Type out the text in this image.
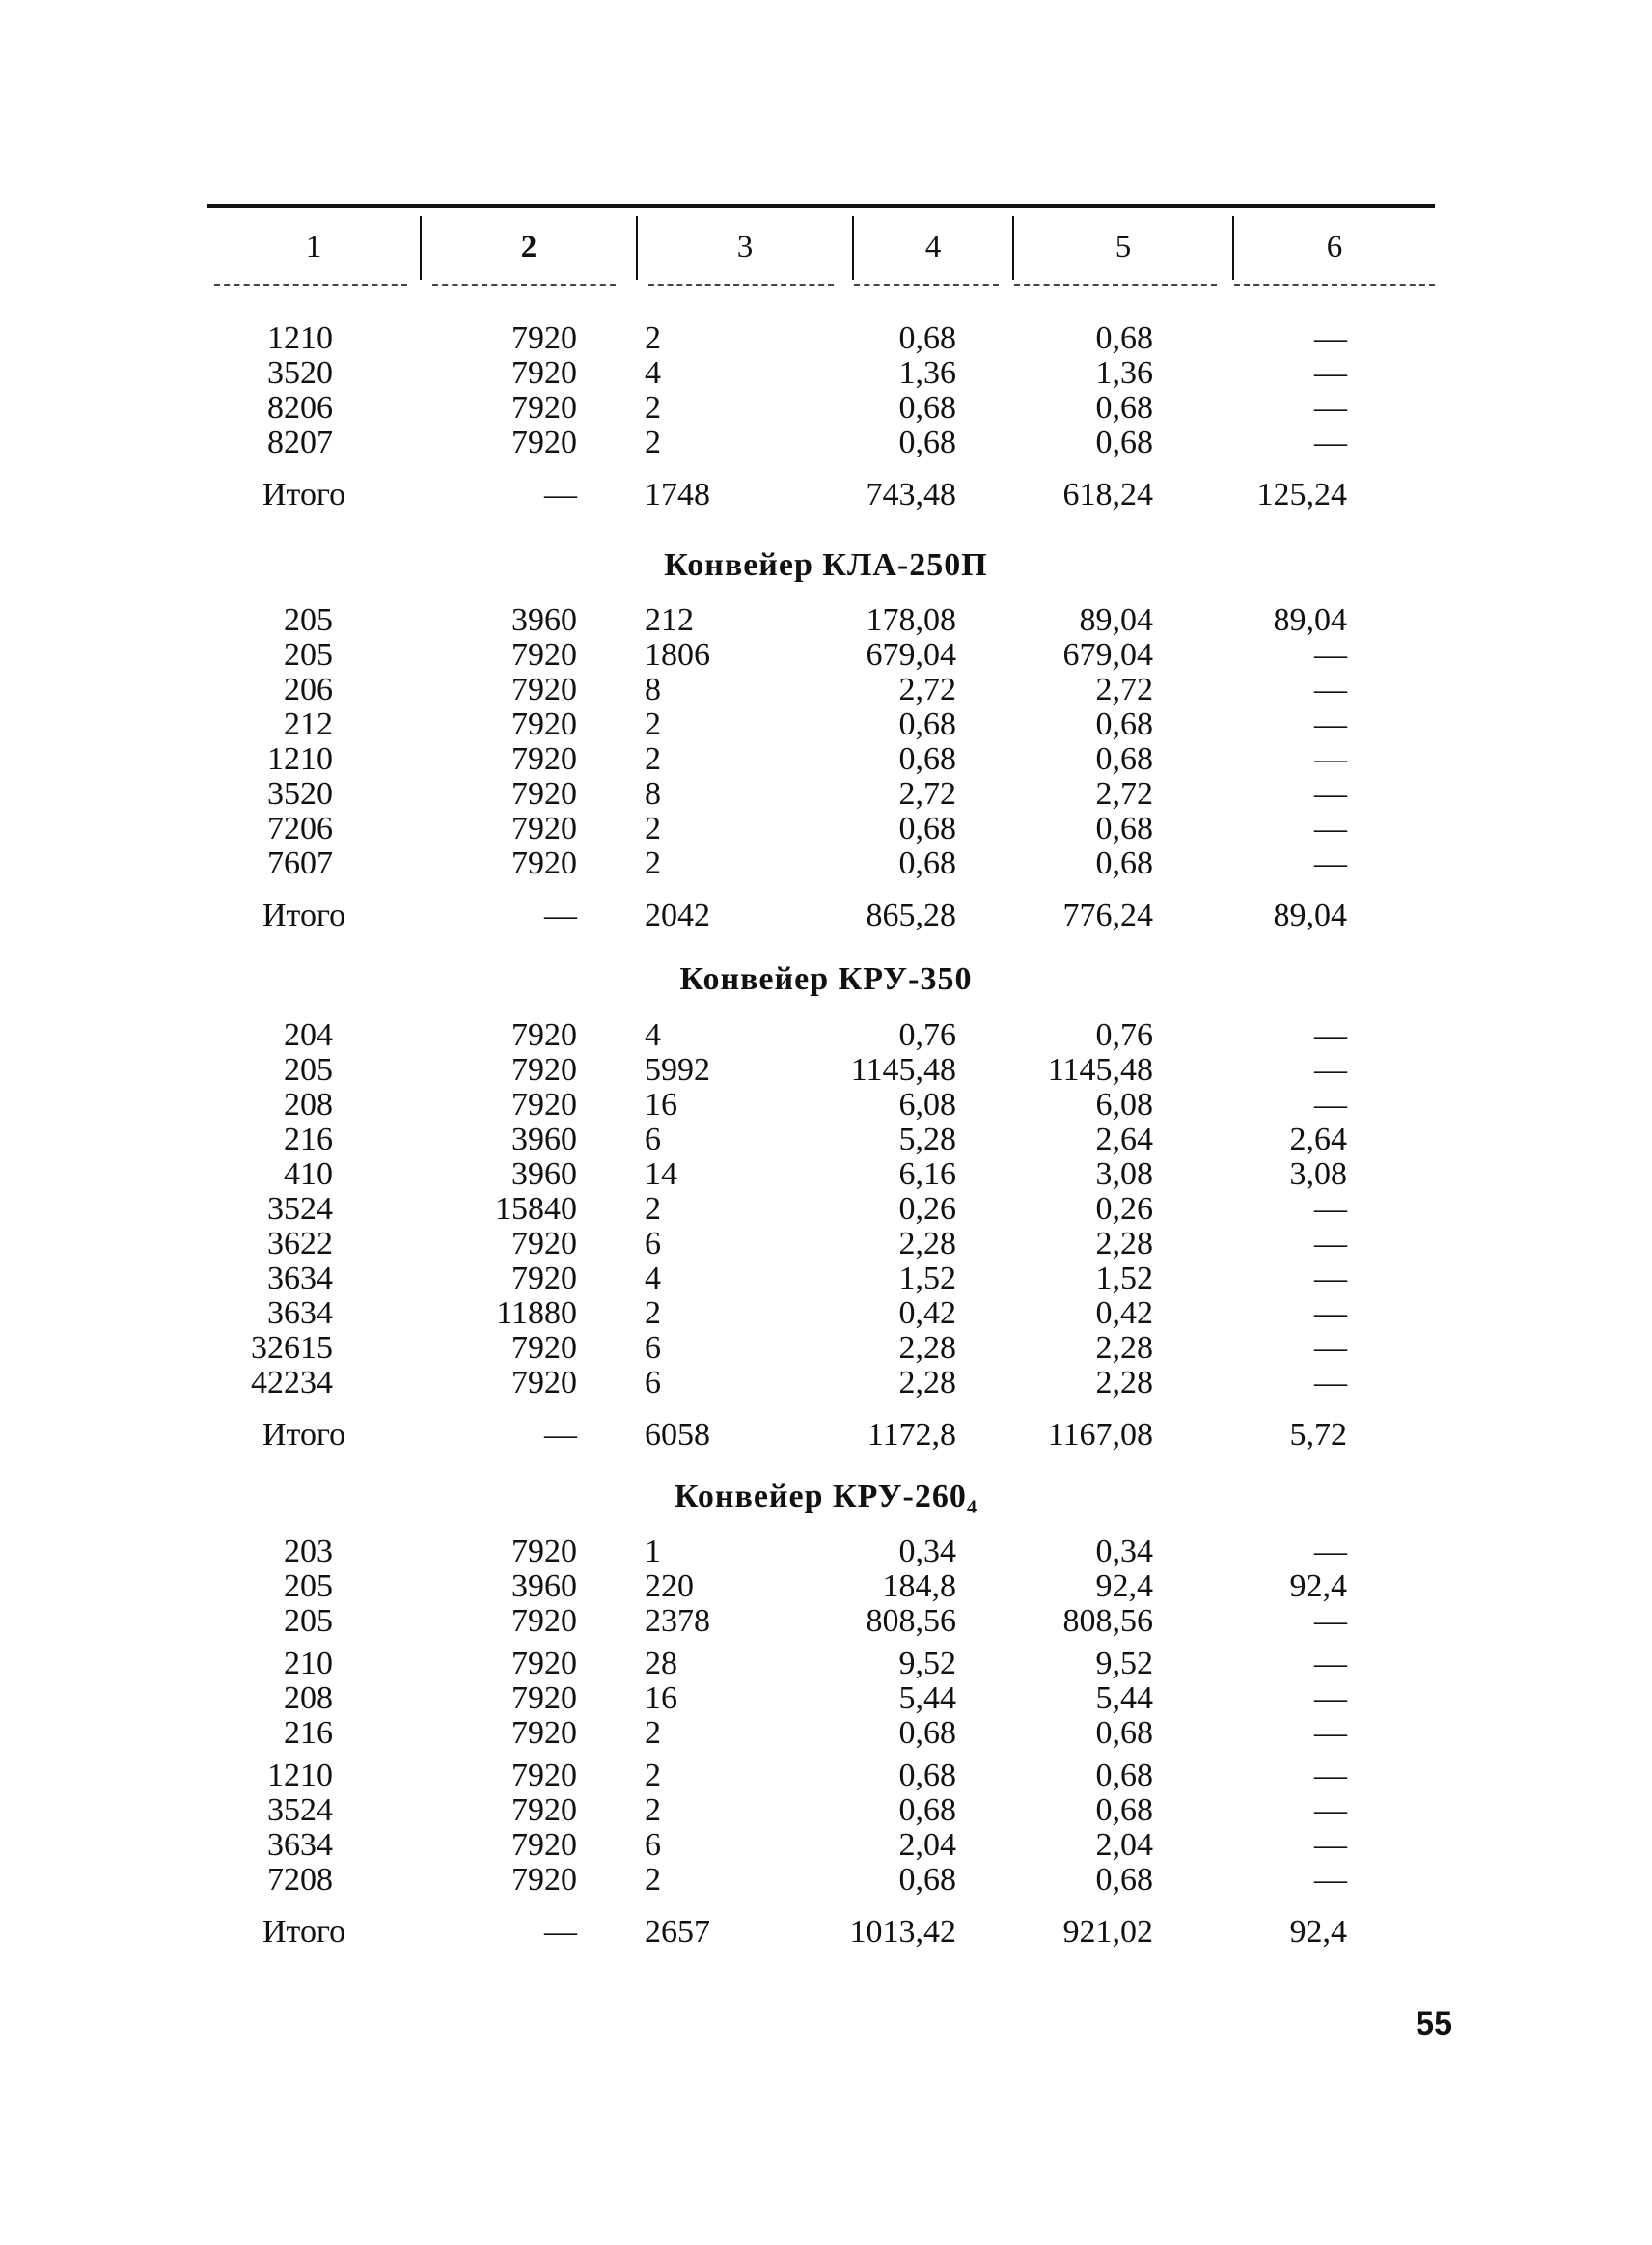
1	2	3	4	5	6
1210	7920	2	0,68	0,68	—
3520	7920	4	1,36	1,36	—
8206	7920	2	0,68	0,68	—
8207	7920	2	0,68	0,68	—
Итого	—	1748	743,48	618,24	125,24
Конвейер КЛА-250П
205	3960	212	178,08	89,04	89,04
205	7920	1806	679,04	679,04	—
206	7920	8	2,72	2,72	—
212	7920	2	0,68	0,68	—
1210	7920	2	0,68	0,68	—
3520	7920	8	2,72	2,72	—
7206	7920	2	0,68	0,68	—
7607	7920	2	0,68	0,68	—
Итого	—	2042	865,28	776,24	89,04
Конвейер КРУ-350
204	7920	4	0,76	0,76	—
205	7920	5992	1145,48	1145,48	—
208	7920	16	6,08	6,08	—
216	3960	6	5,28	2,64	2,64
410	3960	14	6,16	3,08	3,08
3524	15840	2	0,26	0,26	—
3622	7920	6	2,28	2,28	—
3634	7920	4	1,52	1,52	—
3634	11880	2	0,42	0,42	—
32615	7920	6	2,28	2,28	—
42234	7920	6	2,28	2,28	—
Итого	—	6058	1172,8	1167,08	5,72
Конвейер КРУ-260₄
203	7920	1	0,34	0,34	—
205	3960	220	184,8	92,4	92,4
205	7920	2378	808,56	808,56	—
210	7920	28	9,52	9,52	—
208	7920	16	5,44	5,44	—
216	7920	2	0,68	0,68	—
1210	7920	2	0,68	0,68	—
3524	7920	2	0,68	0,68	—
3634	7920	6	2,04	2,04	—
7208	7920	2	0,68	0,68	—
Итого	—	2657	1013,42	921,02	92,4
55
